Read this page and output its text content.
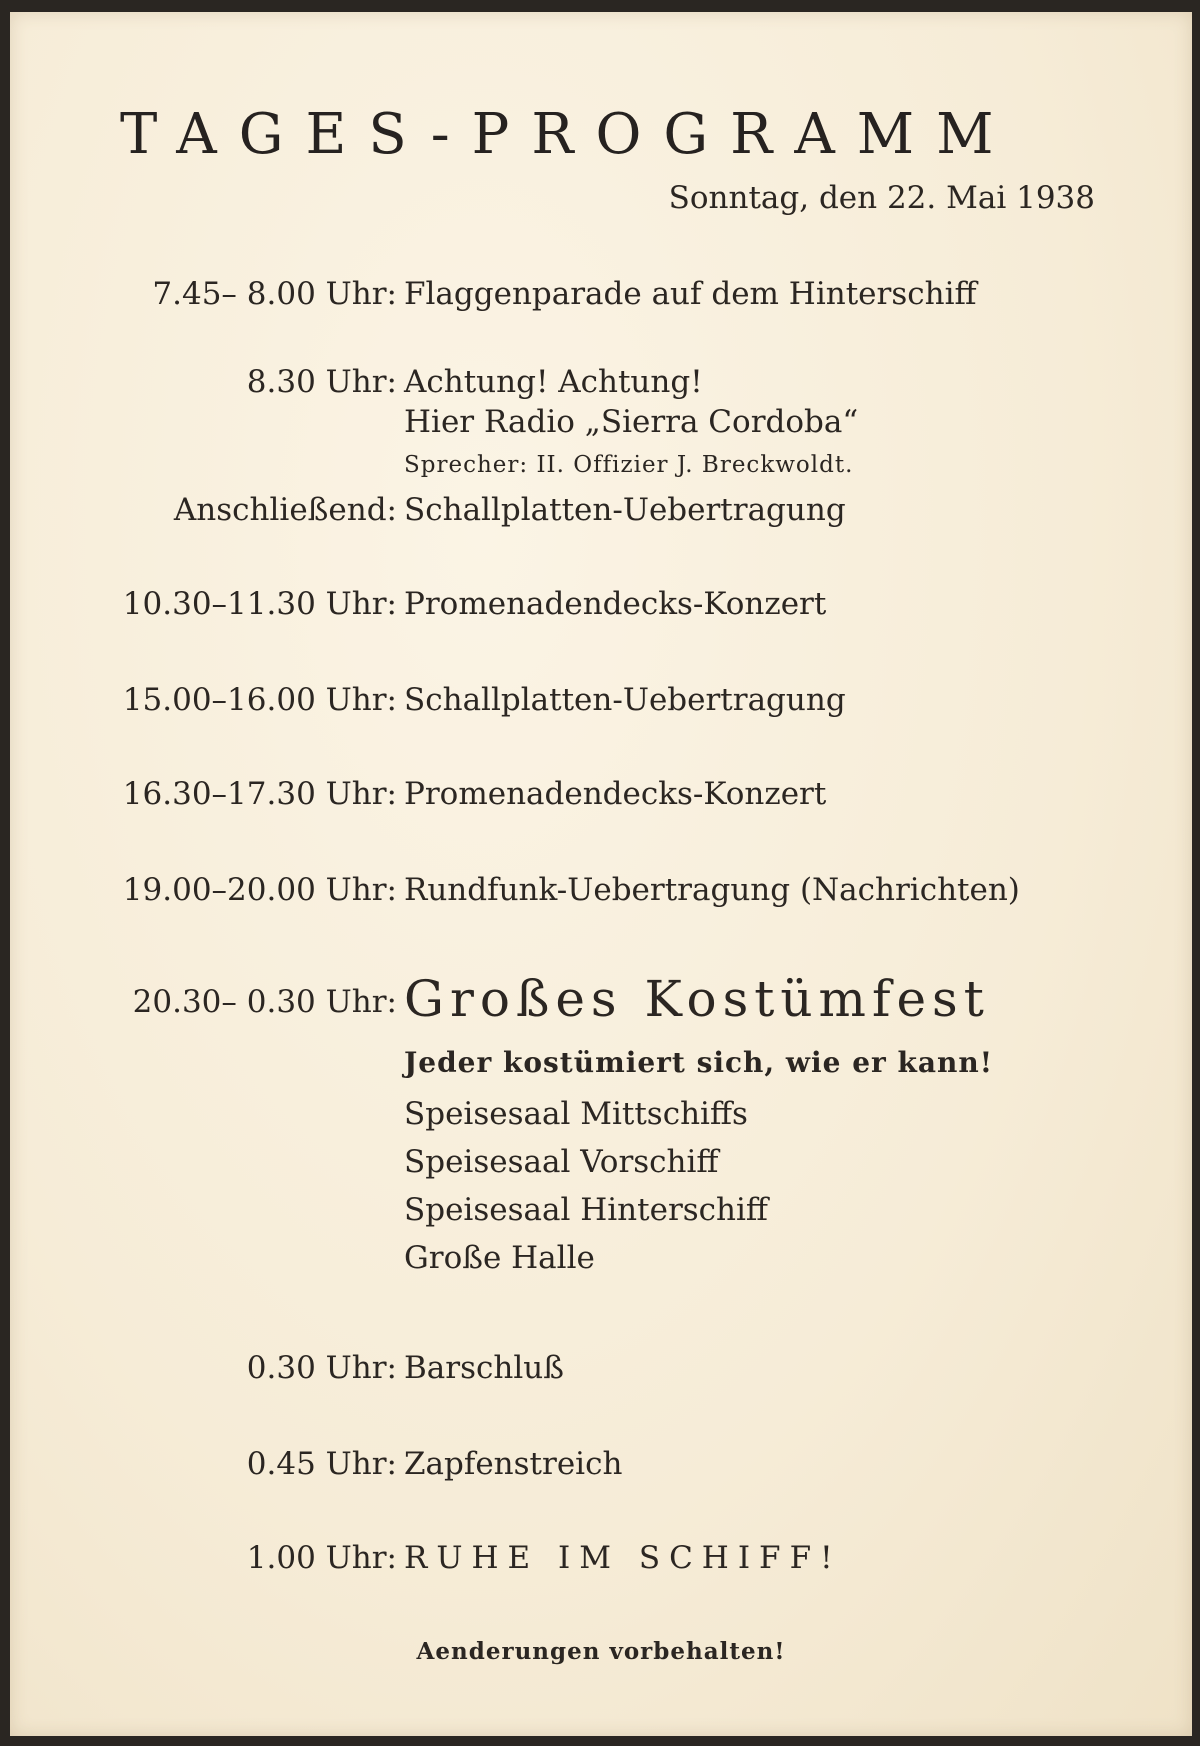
TAGES-PROGRAMM
Sonntag, den 22. Mai 1938
7.45– 8.00 Uhr: Flaggenparade auf dem Hinterschiff
8.30 Uhr: Achtung! Achtung!
Hier Radio „Sierra Cordoba“
Sprecher: II. Offizier J. Breckwoldt.
Anschließend: Schallplatten-Uebertragung
10.30–11.30 Uhr: Promenadendecks-Konzert
15.00–16.00 Uhr: Schallplatten-Uebertragung
16.30–17.30 Uhr: Promenadendecks-Konzert
19.00–20.00 Uhr: Rundfunk-Uebertragung (Nachrichten)
20.30– 0.30 Uhr: Großes Kostümfest
Jeder kostümiert sich, wie er kann!
Speisesaal Mittschiffs
Speisesaal Vorschiff
Speisesaal Hinterschiff
Große Halle
0.30 Uhr: Barschluß
0.45 Uhr: Zapfenstreich
1.00 Uhr: RUHE IM SCHIFF!
Aenderungen vorbehalten!
